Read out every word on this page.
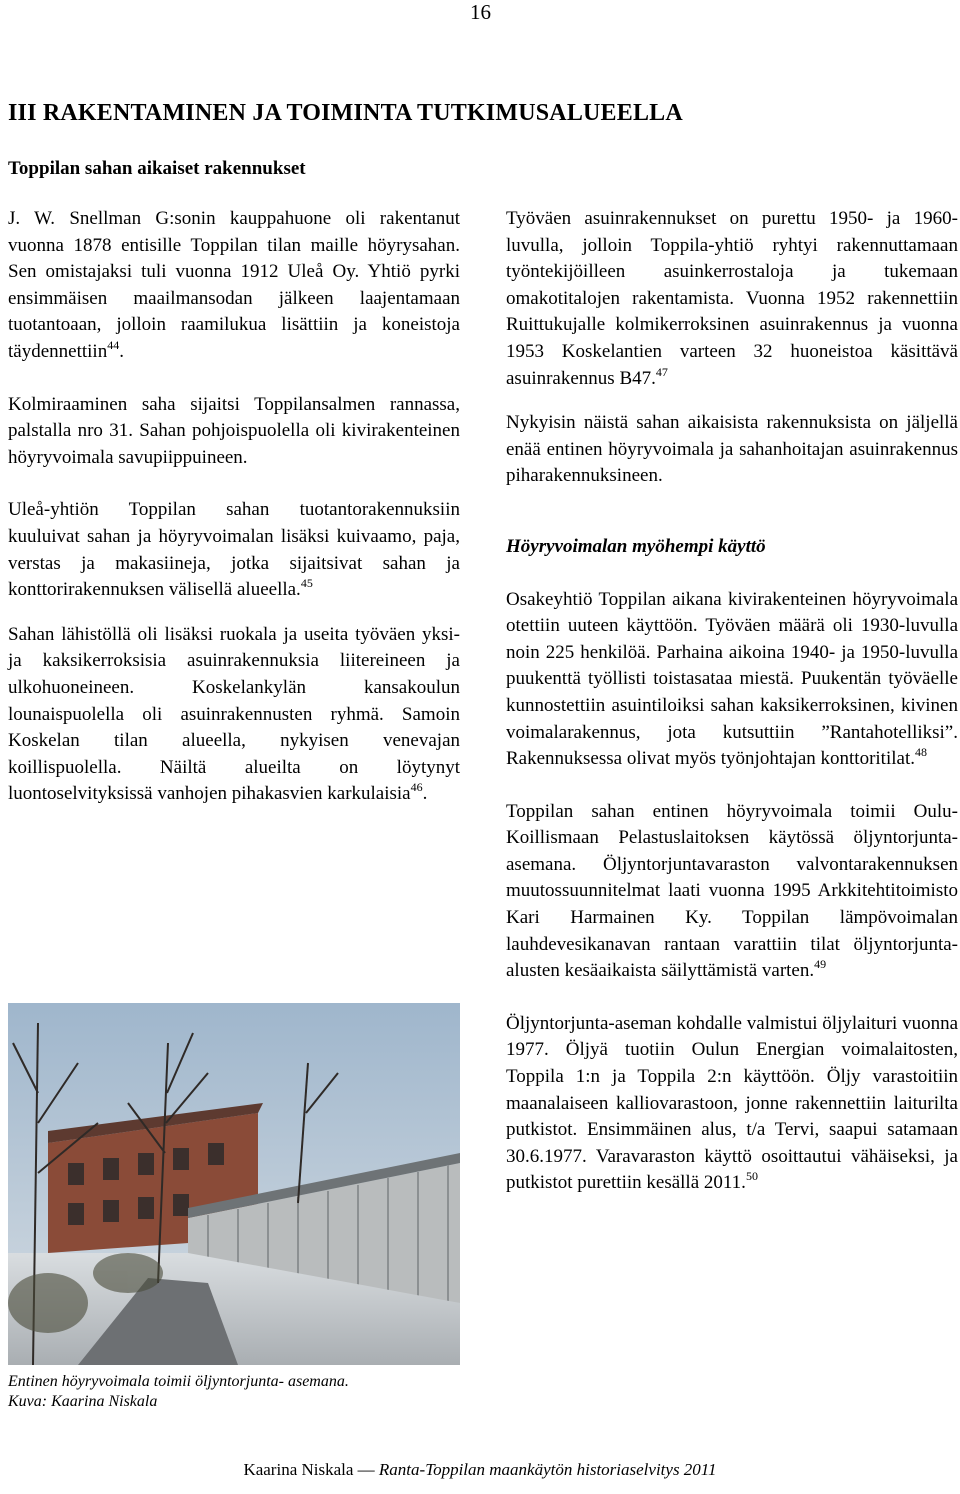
16
III RAKENTAMINEN JA TOIMINTA TUTKIMUSALUEELLA
Toppilan sahan aikaiset rakennukset

J. W. Snellman G:sonin kauppahuone oli rakentanut vuonna 1878 entisille Toppilan tilan maille höyrysahan. Sen omistajaksi tuli vuonna 1912 Uleå Oy. Yhtiö pyrki ensimmäisen maailmansodan jälkeen laajentamaan tuotantoaan, jolloin raamilukua lisättiin ja koneistoja täydennettiin$^{44}$.

Kolmiraaminen saha sijaitsi Toppilansalmen rannassa, palstalla nro 31. Sahan pohjoispuolella oli kivirakenteinen höyryvoimala savupiippuineen.

Uleå-yhtiön Toppilan sahan tuotantorakennuksiin kuuluivat sahan ja höyryvoimalan lisäksi kuivaamo, paja, verstas ja makasiineja, jotka sijaitsivat sahan ja konttorirakennuksen välisellä alueella.$^{45}$

Sahan lähistöllä oli lisäksi ruokala ja useita työväen yksi- ja kaksikerroksisia asuinrakennuksia liitereineen ja ulkohuoneineen. Koskelankylän kansakoulun lounaispuolella oli asuinrakennusten ryhmä. Samoin Koskelan tilan alueella, nykyisen venevajan koillispuolella. Näiltä alueilta on löytynyt luontoselvityksissä vanhojen pihakasvien karkulaisia$^{46}$.

Entinen höyryvoimala toimii öljyntorjunta- asemana.
Kuva: Kaarina Niskala

Työväen asuinrakennukset on purettu 1950- ja 1960-luvulla, jolloin Toppila-yhtiö ryhtyi rakennuttamaan työntekijöilleen asuinkerrostaloja ja tukemaan omakotitalojen rakentamista. Vuonna 1952 rakennettiin Ruittukujalle kolmikerroksinen asuinrakennus ja vuonna 1953 Koskelantien varteen 32 huoneistoa käsittävä asuinrakennus B47.47

Nykyisin näistä sahan aikaisista rakennuksista on jäljellä enää entinen höyryvoimala ja sahanhoitajan asuinrakennus piharakennuksineen.

Höyryvoimalan myöhempi käyttö

Osakeyhtiö Toppilan aikana kivirakenteinen höyryvoimala otettiin uuteen käyttöön. Työväen määrä oli 1930-luvulla noin 225 henkilöä. Parhaina aikoina 1940- ja 1950-luvulla puukenttä työllisti toistasataa miestä. Puukentän työväelle kunnostettiin asuintiloiksi sahan kaksikerroksinen, kivinen voimalarakennus, jota kutsuttiin ”Rantahotelliksi”. Rakennuksessa olivat myös työnjohtajan konttoritilat.$^{48}$

Toppilan sahan entinen höyryvoimala toimii Oulu-Koillismaan Pelastuslaitoksen käytössä öljyntorjunta-asemana. Öljyntorjuntavaraston valvontarakennuksen muutossuunnitelmat laati vuonna 1995 Arkkitehtitoimisto Kari Harmainen Ky. Toppilan lämpövoimalan lauhdevesikanavan rantaan varattiin tilat öljyntorjunta-alusten kesäaikaista säilyttämistä varten.$^{49}$

Öljyntorjunta-aseman kohdalle valmistui öljylaituri vuonna 1977. Öljyä tuotiin Oulun Energian voimalaitosten, Toppila 1:n ja Toppila 2:n käyttöön. Öljy varastoitiin maanalaiseen kalliovarastoon, jonne rakennettiin laiturilta putkistot. Ensimmäinen alus, t/a Tervi, saapui satamaan 30.6.1977. Varavaraston käyttö osoittautui vähäiseksi, ja putkistot purettiin kesällä 2011.50

Kaarina Niskala — Ranta-Toppilan maankäytön historiaselvitys 2011
